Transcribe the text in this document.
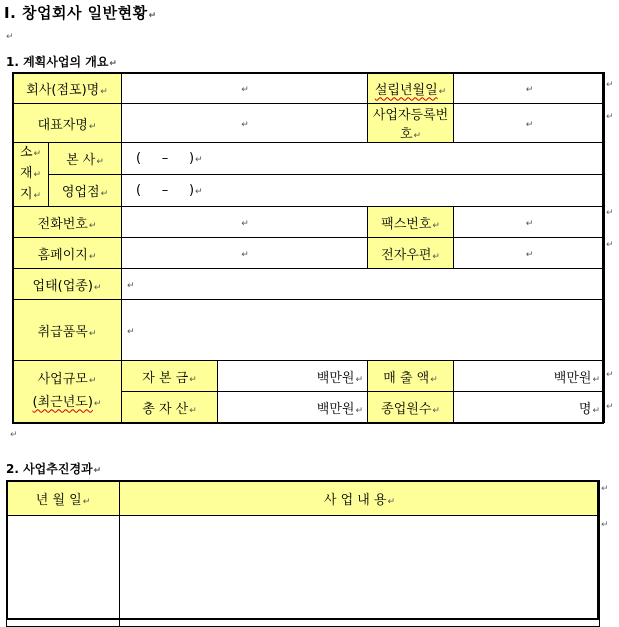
I. 창업회사 일반현황↵
↵
1. 계획사업의 개요↵
회사(점포)명↵		↵		설립년월일↵	↵
대표자명↵		↵		사업자등록번호↵	↵
소↵
재↵
지↵	본 사↵	( – )↵			
	영업점↵	( – )↵			
전화번호↵		↵		팩스번호↵	↵
홈페이지↵		↵		전자우편↵	↵
업태(업종)↵		↵			
취급품목↵		↵			
사업규모↵
(최근년도)↵		자 본 금↵	백만원↵	매 출 액↵	백만원↵
		총 자 산↵	백만원↵	종업원수↵	명↵
↵
↵
↵
↵
↵
↵
↵
2. 사업추진경과↵
년 월 일↵	사 업 내 용↵

↵
↵
